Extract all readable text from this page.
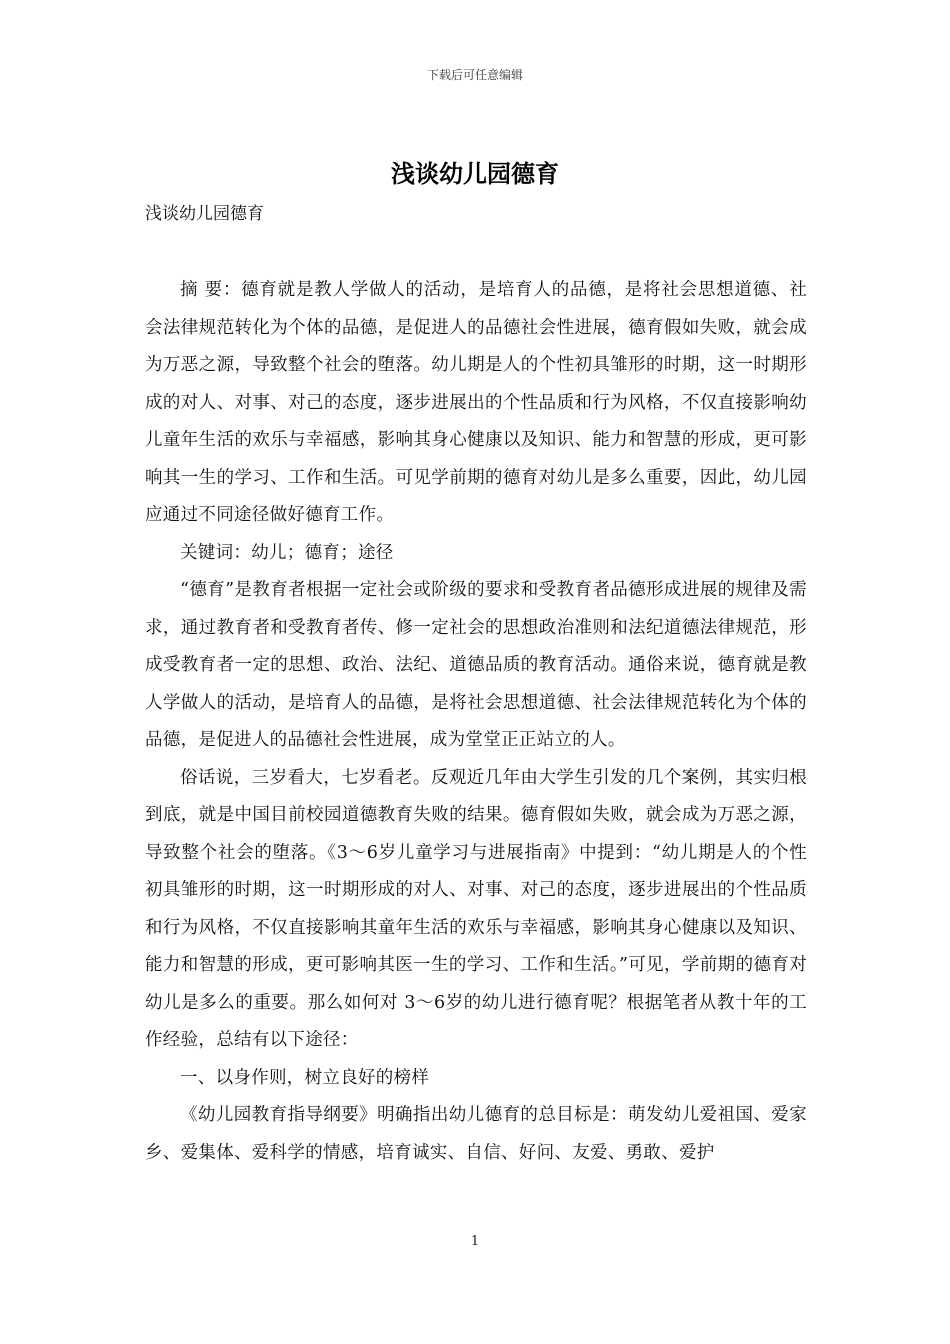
下载后可任意编辑
浅谈幼儿园德育
浅谈幼儿园德育

摘 要：德育就是教人学做人的活动，是培育人的品德，是将社会思想道德、社会法律规范转化为个体的品德，是促进人的品德社会性进展，德育假如失败，就会成为万恶之源，导致整个社会的堕落。幼儿期是人的个性初具雏形的时期，这一时期形成的对人、对事、对己的态度，逐步进展出的个性品质和行为风格，不仅直接影响幼儿童年生活的欢乐与幸福感，影响其身心健康以及知识、能力和智慧的形成，更可影响其一生的学习、工作和生活。可见学前期的德育对幼儿是多么重要，因此，幼儿园应通过不同途径做好德育工作。

关键词：幼儿；德育；途径

“德育”是教育者根据一定社会或阶级的要求和受教育者品德形成进展的规律及需求，通过教育者和受教育者传、修一定社会的思想政治准则和法纪道德法律规范，形成受教育者一定的思想、政治、法纪、道德品质的教育活动。通俗来说，德育就是教人学做人的活动，是培育人的品德，是将社会思想道德、社会法律规范转化为个体的品德，是促进人的品德社会性进展，成为堂堂正正站立的人。

俗话说，三岁看大，七岁看老。反观近几年由大学生引发的几个案例，其实归根到底，就是中国目前校园道德教育失败的结果。德育假如失败，就会成为万恶之源，导致整个社会的堕落。《3～6岁儿童学习与进展指南》中提到：“幼儿期是人的个性初具雏形的时期，这一时期形成的对人、对事、对己的态度，逐步进展出的个性品质和行为风格，不仅直接影响其童年生活的欢乐与幸福感，影响其身心健康以及知识、能力和智慧的形成，更可影响其医一生的学习、工作和生活。”可见，学前期的德育对幼儿是多么的重要。那么如何对 3～6岁的幼儿进行德育呢？根据笔者从教十年的工作经验，总结有以下途径：

一、以身作则，树立良好的榜样

《幼儿园教育指导纲要》明确指出幼儿德育的总目标是：萌发幼儿爱祖国、爱家乡、爱集体、爱科学的情感，培育诚实、自信、好问、友爱、勇敢、爱护

1
